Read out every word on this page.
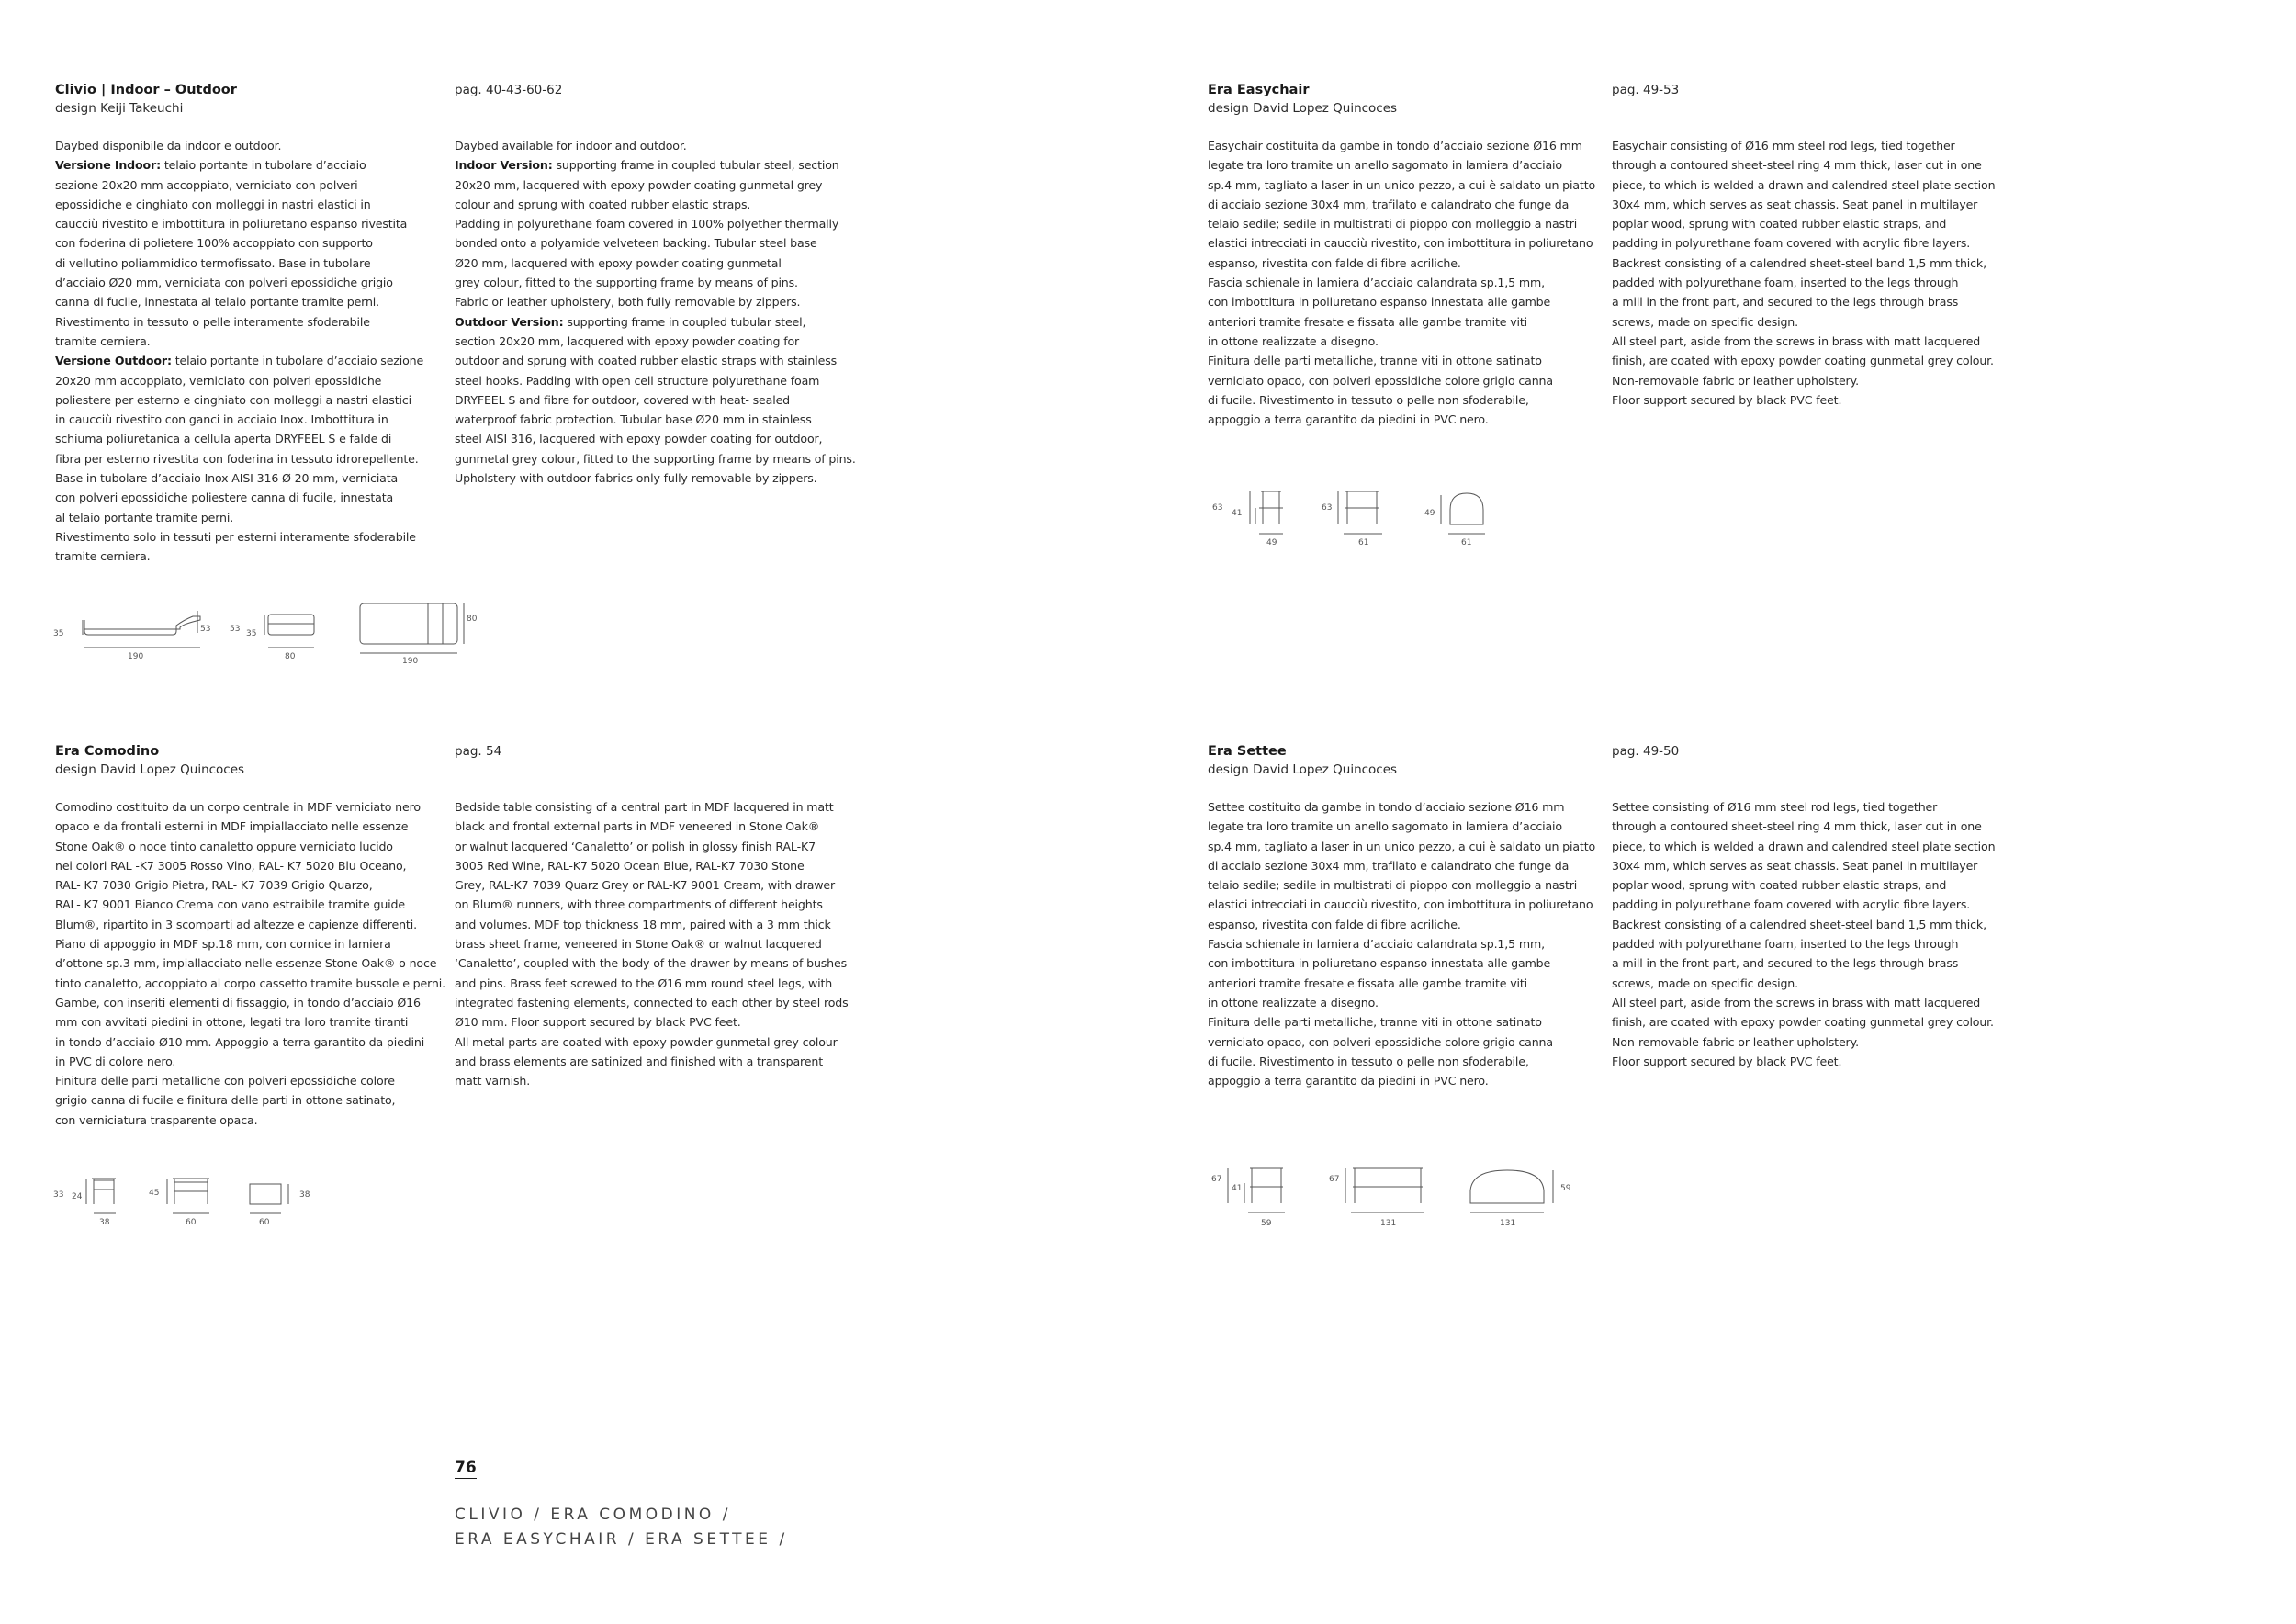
Clivio | Indoor – Outdoor
design Keiji Takeuchi
Daybed disponibile da indoor e outdoor.
Versione Indoor: telaio portante in tubolare d’acciaio
sezione 20x20 mm accoppiato, verniciato con polveri
epossidiche e cinghiato con molleggi in nastri elastici in
caucciù rivestito e imbottitura in poliuretano espanso rivestita
con foderina di polietere 100% accoppiato con supporto
di vellutino poliammidico termofissato. Base in tubolare
d’acciaio Ø20 mm, verniciata con polveri epossidiche grigio
canna di fucile, innestata al telaio portante tramite perni.
Rivestimento in tessuto o pelle interamente sfoderabile
tramite cerniera.
Versione Outdoor: telaio portante in tubolare d’acciaio sezione
20x20 mm accoppiato, verniciato con polveri epossidiche
poliestere per esterno e cinghiato con molleggi a nastri elastici
in caucciù rivestito con ganci in acciaio Inox. Imbottitura in
schiuma poliuretanica a cellula aperta DRYFEEL S e falde di
fibra per esterno rivestita con foderina in tessuto idrorepellente.
Base in tubolare d’acciaio Inox AISI 316 Ø 20 mm, verniciata
con polveri epossidiche poliestere canna di fucile, innestata
al telaio portante tramite perni.
Rivestimento solo in tessuti per esterni interamente sfoderabile
tramite cerniera.
pag. 40-43-60-62
Daybed available for indoor and outdoor.
Indoor Version: supporting frame in coupled tubular steel, section
20x20 mm, lacquered with epoxy powder coating gunmetal grey
colour and sprung with coated rubber elastic straps.
Padding in polyurethane foam covered in 100% polyether thermally
bonded onto a polyamide velveteen backing. Tubular steel base
Ø20 mm, lacquered with epoxy powder coating gunmetal
grey colour, fitted to the supporting frame by means of pins.
Fabric or leather upholstery, both fully removable by zippers.
Outdoor Version: supporting frame in coupled tubular steel,
section 20x20 mm, lacquered with epoxy powder coating for
outdoor and sprung with coated rubber elastic straps with stainless
steel hooks. Padding with open cell structure polyurethane foam
DRYFEEL S and fibre for outdoor, covered with heat- sealed
waterproof fabric protection. Tubular base Ø20 mm in stainless
steel AISI 316, lacquered with epoxy powder coating for outdoor,
gunmetal grey colour, fitted to the supporting frame by means of pins.
Upholstery with outdoor fabrics only fully removable by zippers.
35	53
190
53 35
80	190
80
Era Easychair
design David Lopez Quincoces
Easychair costituita da gambe in tondo d’acciaio sezione Ø16 mm
legate tra loro tramite un anello sagomato in lamiera d’acciaio
sp.4 mm, tagliato a laser in un unico pezzo, a cui è saldato un piatto
di acciaio sezione 30x4 mm, trafilato e calandrato che funge da
telaio sedile; sedile in multistrati di pioppo con molleggio a nastri
elastici intrecciati in caucciù rivestito, con imbottitura in poliuretano
espanso, rivestita con falde di fibre acriliche.
Fascia schienale in lamiera d’acciaio calandrata sp.1,5 mm,
con imbottitura in poliuretano espanso innestata alle gambe
anteriori tramite fresate e fissata alle gambe tramite viti
in ottone realizzate a disegno.
Finitura delle parti metalliche, tranne viti in ottone satinato
verniciato opaco, con polveri epossidiche colore grigio canna
di fucile. Rivestimento in tessuto o pelle non sfoderabile,
appoggio a terra garantito da piedini in PVC nero.
pag. 49-53
Easychair consisting of Ø16 mm steel rod legs, tied together
through a contoured sheet-steel ring 4 mm thick, laser cut in one
piece, to which is welded a drawn and calendred steel plate section
30x4 mm, which serves as seat chassis. Seat panel in multilayer
poplar wood, sprung with coated rubber elastic straps, and
padding in polyurethane foam covered with acrylic fibre layers.
Backrest consisting of a calendred sheet-steel band 1,5 mm thick,
padded with polyurethane foam, inserted to the legs through
a mill in the front part, and secured to the legs through brass
screws, made on specific design.
All steel part, aside from the screws in brass with matt lacquered
finish, are coated with epoxy powder coating gunmetal grey colour.
Non-removable fabric or leather upholstery.
Floor support secured by black PVC feet.
63
41
49
63
61
49
61
Era Comodino
design David Lopez Quincoces
Comodino costituito da un corpo centrale in MDF verniciato nero
opaco e da frontali esterni in MDF impiallacciato nelle essenze
Stone Oak® o noce tinto canaletto oppure verniciato lucido
nei colori RAL -K7 3005 Rosso Vino, RAL- K7 5020 Blu Oceano,
RAL- K7 7030 Grigio Pietra, RAL- K7 7039 Grigio Quarzo,
RAL- K7 9001 Bianco Crema con vano estraibile tramite guide
Blum®, ripartito in 3 scomparti ad altezze e capienze differenti.
Piano di appoggio in MDF sp.18 mm, con cornice in lamiera
d’ottone sp.3 mm, impiallacciato nelle essenze Stone Oak® o noce
tinto canaletto, accoppiato al corpo cassetto tramite bussole e perni.
Gambe, con inseriti elementi di fissaggio, in tondo d’acciaio Ø16
mm con avvitati piedini in ottone, legati tra loro tramite tiranti
in tondo d’acciaio Ø10 mm. Appoggio a terra garantito da piedini
in PVC di colore nero.
Finitura delle parti metalliche con polveri epossidiche colore
grigio canna di fucile e finitura delle parti in ottone satinato,
con verniciatura trasparente opaca.
pag. 54
Bedside table consisting of a central part in MDF lacquered in matt
black and frontal external parts in MDF veneered in Stone Oak®
or walnut lacquered ‘Canaletto’ or polish in glossy finish RAL-K7
3005 Red Wine, RAL-K7 5020 Ocean Blue, RAL-K7 7030 Stone
Grey, RAL-K7 7039 Quarz Grey or RAL-K7 9001 Cream, with drawer
on Blum® runners, with three compartments of different heights
and volumes. MDF top thickness 18 mm, paired with a 3 mm thick
brass sheet frame, veneered in Stone Oak® or walnut lacquered
‘Canaletto’, coupled with the body of the drawer by means of bushes
and pins. Brass feet screwed to the Ø16 mm round steel legs, with
integrated fastening elements, connected to each other by steel rods
Ø10 mm. Floor support secured by black PVC feet.
All metal parts are coated with epoxy powder gunmetal grey colour
and brass elements are satinized and finished with a transparent
matt varnish.
33 24
38
45
60
38
60
Era Settee
design David Lopez Quincoces
Settee costituito da gambe in tondo d’acciaio sezione Ø16 mm
legate tra loro tramite un anello sagomato in lamiera d’acciaio
sp.4 mm, tagliato a laser in un unico pezzo, a cui è saldato un piatto
di acciaio sezione 30x4 mm, trafilato e calandrato che funge da
telaio sedile; sedile in multistrati di pioppo con molleggio a nastri
elastici intrecciati in caucciù rivestito, con imbottitura in poliuretano
espanso, rivestita con falde di fibre acriliche.
Fascia schienale in lamiera d’acciaio calandrata sp.1,5 mm,
con imbottitura in poliuretano espanso innestata alle gambe
anteriori tramite fresate e fissata alle gambe tramite viti
in ottone realizzate a disegno.
Finitura delle parti metalliche, tranne viti in ottone satinato
verniciato opaco, con polveri epossidiche colore grigio canna
di fucile. Rivestimento in tessuto o pelle non sfoderabile,
appoggio a terra garantito da piedini in PVC nero.
pag. 49-50
Settee consisting of Ø16 mm steel rod legs, tied together
through a contoured sheet-steel ring 4 mm thick, laser cut in one
piece, to which is welded a drawn and calendred steel plate section
30x4 mm, which serves as seat chassis. Seat panel in multilayer
poplar wood, sprung with coated rubber elastic straps, and
padding in polyurethane foam covered with acrylic fibre layers.
Backrest consisting of a calendred sheet-steel band 1,5 mm thick,
padded with polyurethane foam, inserted to the legs through
a mill in the front part, and secured to the legs through brass
screws, made on specific design.
All steel part, aside from the screws in brass with matt lacquered
finish, are coated with epoxy powder coating gunmetal grey colour.
Non-removable fabric or leather upholstery.
Floor support secured by black PVC feet.
67
41
59
67
131	131
59
76
CLIVIO / ERA COMODINO /
ERA EASYCHAIR / ERA SETTEE /
